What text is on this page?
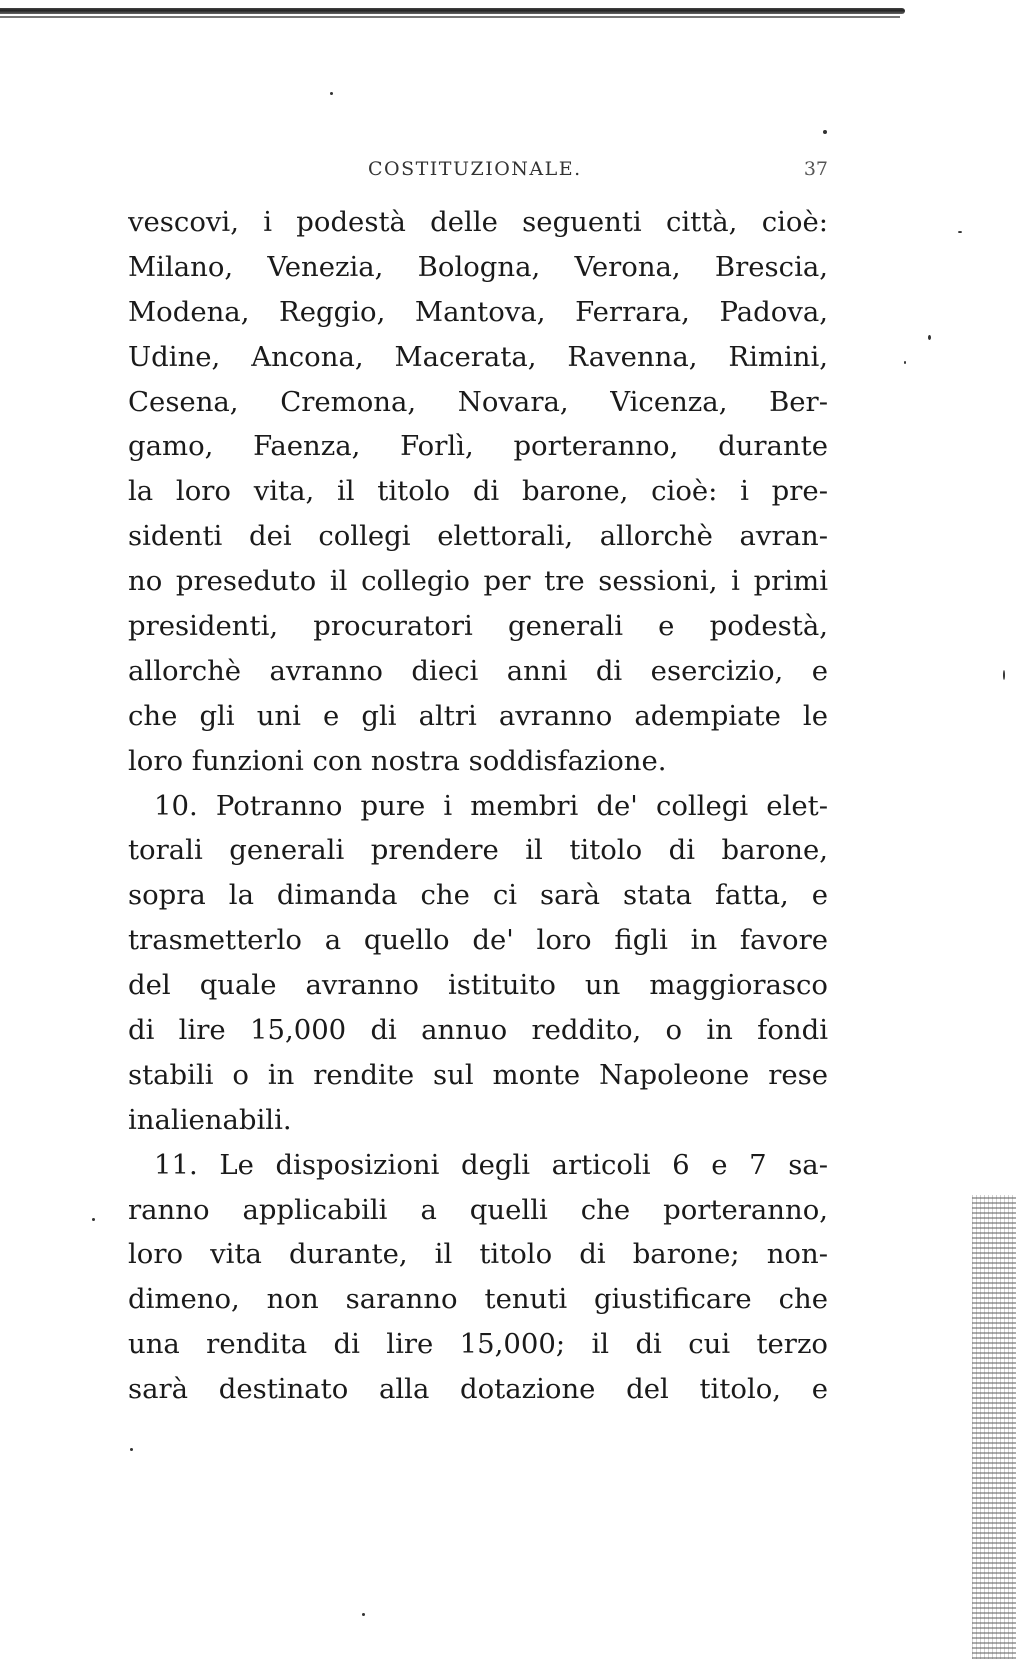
COSTITUZIONALE.	37
vescovi, i podestà delle seguenti città, cioè:
Milano, Venezia, Bologna, Verona, Brescia,
Modena, Reggio, Mantova, Ferrara, Padova,
Udine, Ancona, Macerata, Ravenna, Rimini,
Cesena, Cremona, Novara, Vicenza, Ber-
gamo, Faenza, Forlì, porteranno, durante
la loro vita, il titolo di barone, cioè: i pre-
sidenti dei collegi elettorali, allorchè avran-
no preseduto il collegio per tre sessioni, i primi
presidenti, procuratori generali e podestà,
allorchè avranno dieci anni di esercizio, e
che gli uni e gli altri avranno adempiate le
loro funzioni con nostra soddisfazione.
10. Potranno pure i membri de' collegi elet-
torali generali prendere il titolo di barone,
sopra la dimanda che ci sarà stata fatta, e
trasmetterlo a quello de' loro figli in favore
del quale avranno istituito un maggiorasco
di lire 15,000 di annuo reddito, o in fondi
stabili o in rendite sul monte Napoleone rese
inalienabili.
11. Le disposizioni degli articoli 6 e 7 sa-
ranno applicabili a quelli che porteranno,
loro vita durante, il titolo di barone; non-
dimeno, non saranno tenuti giustificare che
una rendita di lire 15,000; il di cui terzo
sarà destinato alla dotazione del titolo, e
